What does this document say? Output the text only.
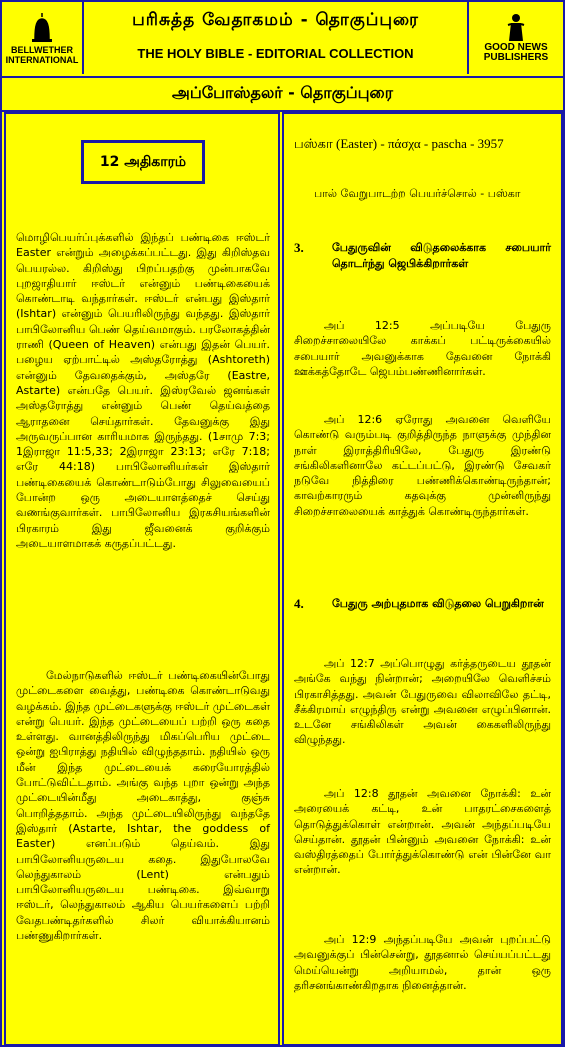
BELLWETHER
INTERNATIONAL
பரிசுத்த வேதாகமம் - தொகுப்புரை
THE HOLY BIBLE - EDITORIAL COLLECTION	GOOD NEWS
PUBLISHERS
அப்போஸ்தலர் - தொகுப்புரை
12 அதிகாரம்
மொழிபெயர்ப்புக்களில் இந்தப் பண்டிகை ஈஸ்டர் Easter என்றும் அழைக்கப்பட்டது. இது கிறிஸ்தவ பெயரல்ல. கிறிஸ்து பிறப்பதற்கு முன்பாகவே புறஜாதியார் ஈஸ்டர் என்னும் பண்டிகையைக் கொண்டாடி வந்தார்கள். ஈஸ்டர் என்பது இஸ்தார் (Ishtar) என்னும் பெயரிலிருந்து வந்தது. இஸ்தார் பாபிலோனிய பெண் தெய்வமாகும். பரலோகத்தின் ராணி (Queen of Heaven) என்பது இதன் பெயர். பழைய ஏற்பாட்டில் அஸ்தரோத்து (Ashtoreth) என்னும் தேவதைக்கும், அஸ்தரே (Eastre, Astarte) என்பதே பெயர். இஸ்ரவேல் ஜனங்கள் அஸ்தரோத்து என்னும் பெண் தெய்வத்தை ஆராதனை செய்தார்கள். தேவனுக்கு இது அருவருப்பான காரியமாக இருந்தது. (1சாமு 7:3; 1இராஜா 11:5,33; 2இராஜா 23:13; எரே 7:18; எரே 44:18) பாபிலோனியர்கள் இஸ்தார் பண்டிகையைக் கொண்டாடும்போது சிலுவையைப் போன்ற ஒரு அடையாளத்தைச் செய்து வணங்குவார்கள். பாபிலோனிய இரகசியங்களின் பிரகாரம் இது ஜீவனைக் குறிக்கும் அடையாளமாகக் கருதப்பட்டது.
மேல்நாடுகளில் ஈஸ்டர் பண்டிகையின்போது முட்டைகளை வைத்து, பண்டிகை கொண்டாடுவது வழக்கம். இந்த முட்டைகளுக்கு ஈஸ்டர் முட்டைகள் என்று பெயர். இந்த முட்டையைப் பற்றி ஒரு கதை உள்ளது. வானத்திலிருந்து மிகப்பெரிய முட்டை ஒன்று ஐபிராத்து நதியில் விழுந்ததாம். நதியில் ஒரு மீன் இந்த முட்டையைக் கரையோரத்தில் போட்டுவிட்டதாம். அங்கு வந்த புறா ஒன்று அந்த முட்டையின்மீது அடைகாத்து, குஞ்சு பொறித்ததாம். அந்த முட்டையிலிருந்து வந்ததே இஸ்தார் (Astarte, Ishtar, the goddess of Easter) எனப்படும் தெய்வம். இது பாபிலோனியருடைய கதை. இதுபோலவே லெந்துகாலம் (Lent) என்பதும் பாபிலோனியருடைய பண்டிகை. இவ்வாறு ஈஸ்டர், லெந்துகாலம் ஆகிய பெயர்களைப் பற்றி வேதபண்டிதர்களில் சிலர் வியாக்கியானம் பண்ணுகிறார்கள்.
பஸ்கா (Easter) - πάσχα - pascha - 3957
பால் வேறுபாடற்ற பெயர்ச்சொல் - பஸ்கா
3.	பேதுருவின் விடுதலைக்காக சபையார் தொடர்ந்து ஜெபிக்கிறார்கள்
அப் 12:5 அப்படியே பேதுரு சிறைச்சாலையிலே காக்கப் பட்டிருக்கையில் சபையார் அவனுக்காக தேவனை நோக்கி ஊக்கத்தோடே ஜெபம்பண்ணினார்கள்.
அப் 12:6 ஏரோது அவனை வெளியே கொண்டு வரும்படி குறித்திருந்த நாளுக்கு முந்தின நாள் இராத்திரியிலே, பேதுரு இரண்டு சங்கிலிகளினாலே கட்டப்பட்டு, இரண்டு சேவகர் நடுவே நித்திரை பண்ணிக்கொண்டிருந்தான்; காவற்காரரும் கதவுக்கு முன்னிருந்து சிறைச்சாலையைக் காத்துக் கொண்டிருந்தார்கள்.
4.	பேதுரு அற்புதமாக விடுதலை பெறுகிறான்
அப் 12:7 அப்பொழுது கர்த்தருடைய தூதன் அங்கே வந்து நின்றான்; அறையிலே வெளிச்சம் பிரகாசித்தது. அவன் பேதுருவை விலாவிலே தட்டி, சீக்கிரமாய் எழுந்திரு என்று அவனை எழுப்பினான். உடனே சங்கிலிகள் அவன் கைகளிலிருந்து விழுந்தது.
அப் 12:8 தூதன் அவனை நோக்கி: உன் அரையைக் கட்டி, உன் பாதரட்சைகளைத் தொடுத்துக்கொள் என்றான். அவன் அந்தப்படியே செய்தான். தூதன் பின்னும் அவனை நோக்கி: உன் வஸ்திரத்தைப் போர்த்துக்கொண்டு என் பின்னே வா என்றான்.
அப் 12:9 அந்தப்படியே அவன் புறப்பட்டு அவனுக்குப் பின்சென்று, தூதனால் செய்யப்பட்டது மெய்யென்று அறியாமல், தான் ஒரு தரிசனங்காண்கிறதாக நினைத்தான்.
